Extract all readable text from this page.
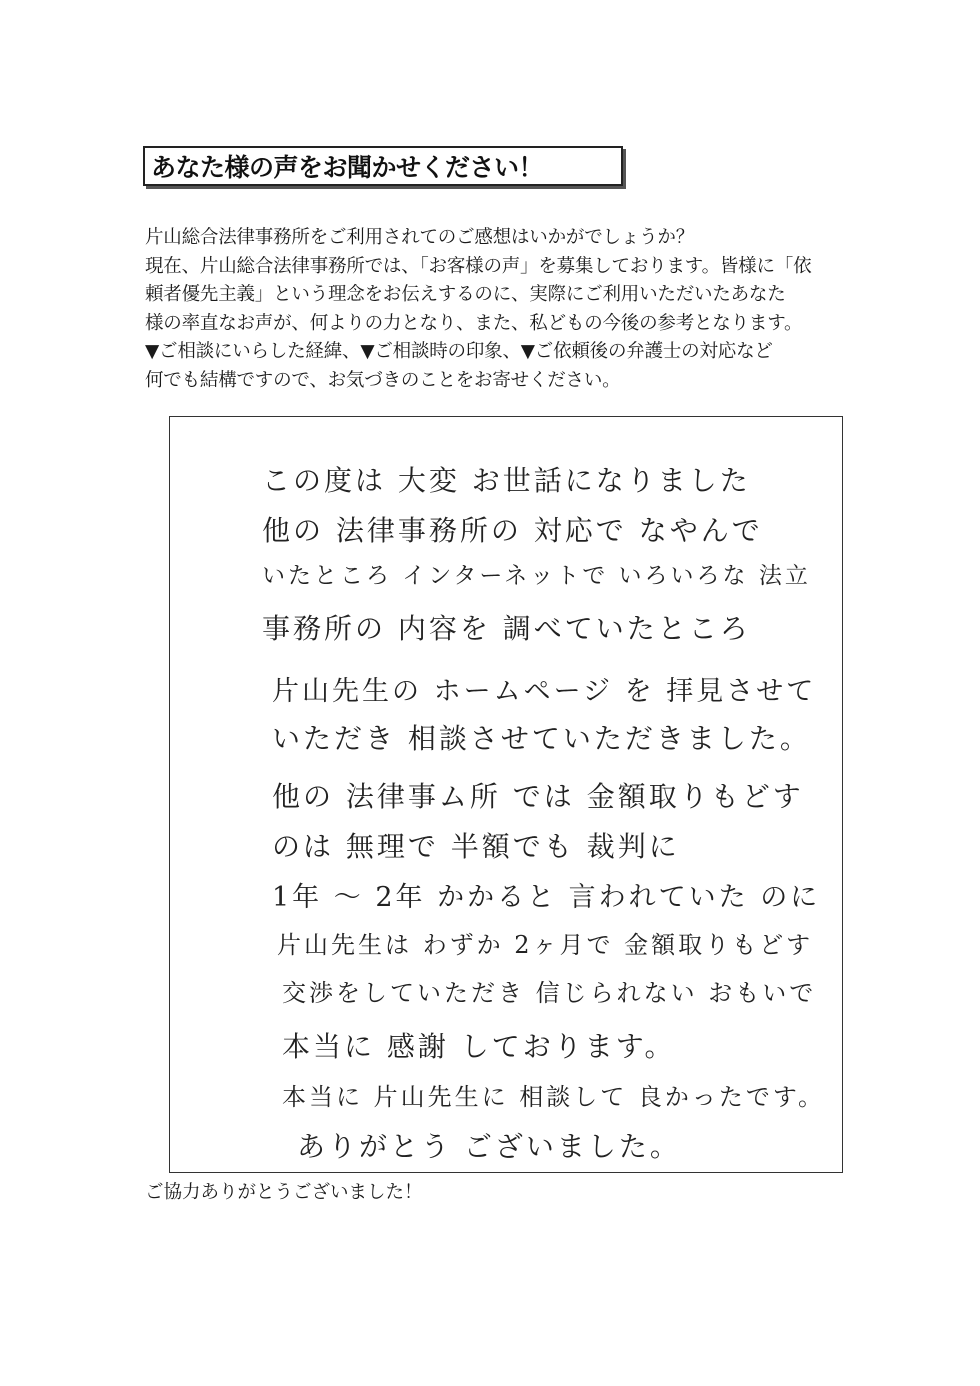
あなた様の声をお聞かせください！
片山総合法律事務所をご利用されてのご感想はいかがでしょうか？
現在、片山総合法律事務所では、「お客様の声」を募集しております。皆様に「依
頼者優先主義」という理念をお伝えするのに、実際にご利用いただいたあなた
様の率直なお声が、何よりの力となり、また、私どもの今後の参考となります。
▼ご相談にいらした経緯、▼ご相談時の印象、▼ご依頼後の弁護士の対応など
何でも結構ですので、お気づきのことをお寄せください。
この度は 大変 お世話になりました
他の 法律事務所の 対応で なやんで
いたところ インターネットで いろいろな 法立
事務所の 内容を 調べていたところ
片山先生の ホームページ を 拝見させて
いただき 相談させていただきました。
他の 法律事ム所 では 金額取りもどす
のは 無理で 半額でも 裁判に
1年 〜 2年 かかると 言われていた のに
片山先生は わずか 2ヶ月で 金額取りもどす
交渉をしていただき 信じられない おもいで
本当に 感謝 しております。
本当に 片山先生に 相談して 良かったです。
ありがとう ございました。
ご協力ありがとうございました！
